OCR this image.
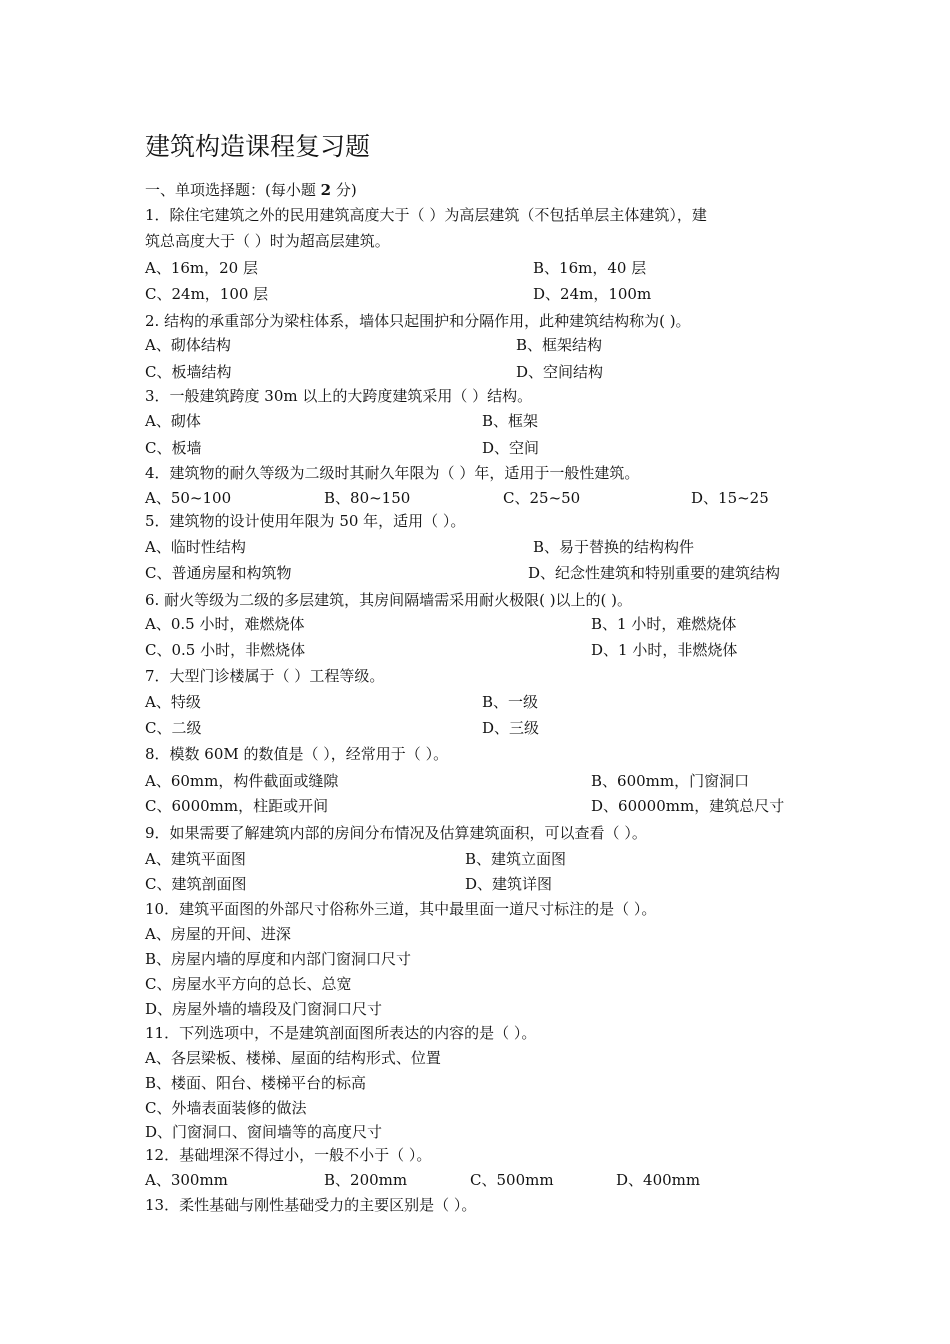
建筑构造课程复习题
一、单项选择题：(每小题 2 分)
1．除住宅建筑之外的民用建筑高度大于（ ）为高层建筑（不包括单层主体建筑），建
筑总高度大于（ ）时为超高层建筑。
A、16m，20 层	B、16m，40 层
C、24m，100 层	D、24m，100m
2. 结构的承重部分为梁柱体系，墙体只起围护和分隔作用，此种建筑结构称为( )。
A、砌体结构	B、框架结构
C、板墙结构	D、空间结构
3．一般建筑跨度 30m 以上的大跨度建筑采用（ ）结构。
A、砌体	B、框架
C、板墙	D、空间
4．建筑物的耐久等级为二级时其耐久年限为（ ）年，适用于一般性建筑。
A、50~100	B、80~150	C、25~50	D、15~25
5．建筑物的设计使用年限为 50 年，适用（ ）。
A、临时性结构	B、易于替换的结构构件
C、普通房屋和构筑物	D、纪念性建筑和特别重要的建筑结构
6. 耐火等级为二级的多层建筑，其房间隔墙需采用耐火极限( )以上的( )。
A、0.5 小时，难燃烧体	B、1 小时，难燃烧体
C、0.5 小时，非燃烧体	D、1 小时，非燃烧体
7．大型门诊楼属于（ ）工程等级。
A、特级	B、一级
C、二级	D、三级
8．模数 60M 的数值是（ ），经常用于（ ）。
A、60mm，构件截面或缝隙	B、600mm，门窗洞口
C、6000mm，柱距或开间	D、60000mm，建筑总尺寸
9．如果需要了解建筑内部的房间分布情况及估算建筑面积，可以查看（ ）。
A、建筑平面图	B、建筑立面图
C、建筑剖面图	D、建筑详图
10．建筑平面图的外部尺寸俗称外三道，其中最里面一道尺寸标注的是（ ）。
A、房屋的开间、进深
B、房屋内墙的厚度和内部门窗洞口尺寸
C、房屋水平方向的总长、总宽
D、房屋外墙的墙段及门窗洞口尺寸
11．下列选项中，不是建筑剖面图所表达的内容的是（ ）。
A、各层梁板、楼梯、屋面的结构形式、位置
B、楼面、阳台、楼梯平台的标高
C、外墙表面装修的做法
D、门窗洞口、窗间墙等的高度尺寸
12．基础埋深不得过小，一般不小于（ ）。
A、300mm	B、200mm	C、500mm	D、400mm
13．柔性基础与刚性基础受力的主要区别是（ ）。
